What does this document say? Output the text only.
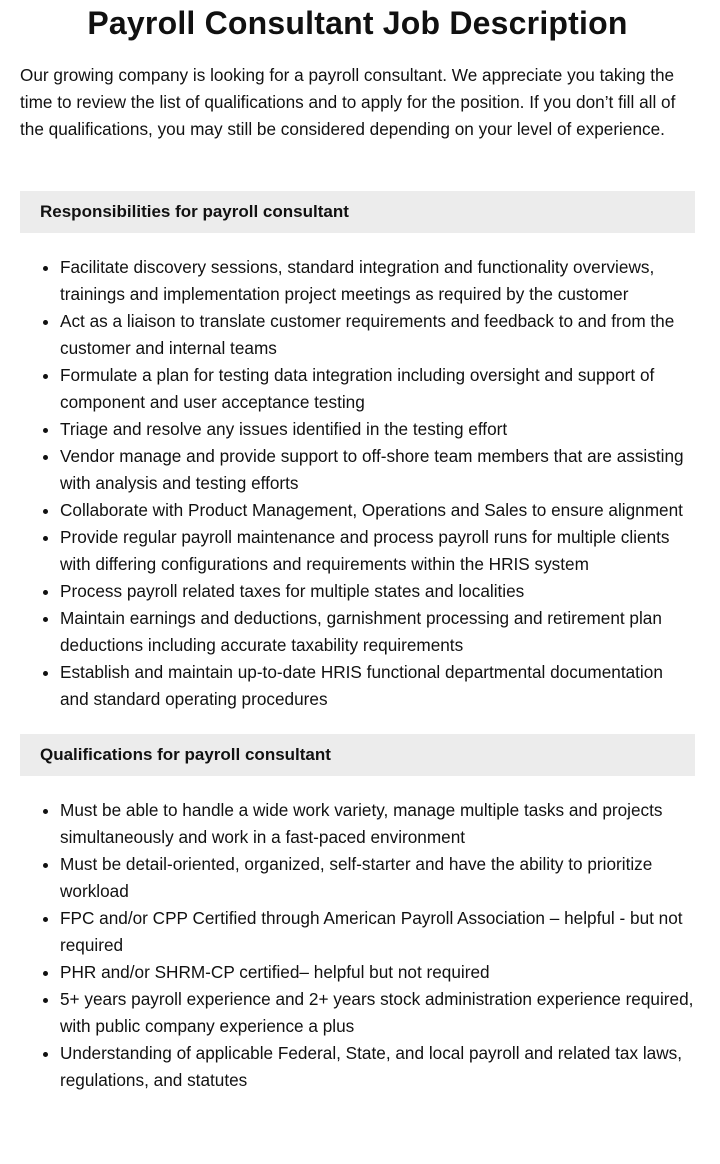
Payroll Consultant Job Description

Our growing company is looking for a payroll consultant. We appreciate you taking the time to review the list of qualifications and to apply for the position. If you don’t fill all of the qualifications, you may still be considered depending on your level of experience.

Responsibilities for payroll consultant
• Facilitate discovery sessions, standard integration and functionality overviews, trainings and implementation project meetings as required by the customer
• Act as a liaison to translate customer requirements and feedback to and from the customer and internal teams
• Formulate a plan for testing data integration including oversight and support of component and user acceptance testing
• Triage and resolve any issues identified in the testing effort
• Vendor manage and provide support to off-shore team members that are assisting with analysis and testing efforts
• Collaborate with Product Management, Operations and Sales to ensure alignment
• Provide regular payroll maintenance and process payroll runs for multiple clients with differing configurations and requirements within the HRIS system
• Process payroll related taxes for multiple states and localities
• Maintain earnings and deductions, garnishment processing and retirement plan deductions including accurate taxability requirements
• Establish and maintain up-to-date HRIS functional departmental documentation and standard operating procedures
Qualifications for payroll consultant
• Must be able to handle a wide work variety, manage multiple tasks and projects simultaneously and work in a fast-paced environment
• Must be detail-oriented, organized, self-starter and have the ability to prioritize workload
• FPC and/or CPP Certified through American Payroll Association – helpful - but not required
• PHR and/or SHRM-CP certified– helpful but not required
• 5+ years payroll experience and 2+ years stock administration experience required, with public company experience a plus
• Understanding of applicable Federal, State, and local payroll and related tax laws, regulations, and statutes
